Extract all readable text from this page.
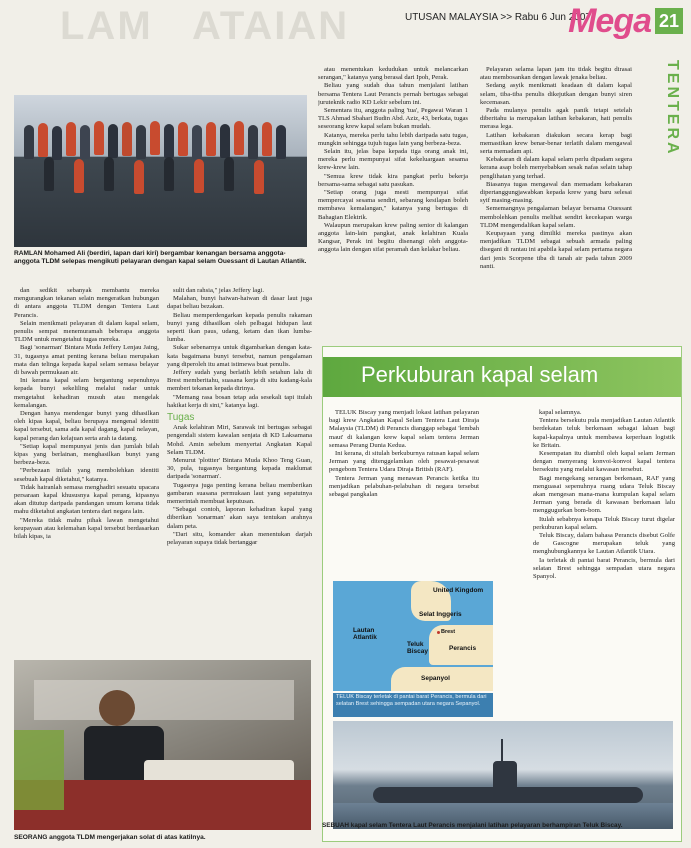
LAM   ATAIAN	UTUSAN MALAYSIA >> Rabu 6 Jun 2007
Mega 21
TENTERA
RAMLAN Mohamed Ali (berdiri, lapan dari kiri) bergambar kenangan bersama anggota-anggota TLDM selepas mengikuti pelayaran dengan kapal selam Ouessant di Lautan Atlantik.

dan sedikit sebanyak membantu mereka mengurangkan tekanan selain mengeratkan hubungan di antara anggota TLDM dengan Tentera Laut Perancis.

Selain menikmati pelayaran di dalam kapal selam, penulis sempat menemuramah beberapa anggota TLDM untuk mengetahui tugas mereka.

Bagi 'sonarman' Bintara Muda Jeffery Lenjau Jaing, 31, tugasnya amat penting kerana beliau merupakan mata dan telinga kepada kapal selam semasa belayar di bawah permukaan air.

Ini kerana kapal selam bergantung sepenuhnya kepada bunyi sekeliling melalui radar untuk mengetahui kehadiran musuh atau mengelak kemalangan.

Dengan hanya mendengar bunyi yang dihasilkan oleh kipas kapal, beliau berupaya mengenal identiti kapal tersebut, sama ada kapal dagang, kapal nelayan, kapal perang dan kelajuan serta arah ia datang.

"Setiap kapal mempunyai jenis dan jumlah bilah kipas yang berlainan, menghasilkan bunyi yang berbeza-beza.

"Perbezaan inilah yang membolehkan identiti sesebuah kapal diketahui," katanya.

Tidak hairanlah semasa menghadiri sesuatu upacara persaraan kapal khususnya kapal perang, kipasnya akan ditutup daripada pandangan umum kerana tidak mahu diketahui angkatan tentera dari negara lain.

"Mereka tidak mahu pihak lawan mengetahui keupayaan atau kelemahan kapal tersebut berdasarkan bilah kipas, ia

sulit dan rahsia," jelas Jeffery lagi.

Malahan, bunyi haiwan-haiwan di dasar laut juga dapat beliau bezakan.

Beliau memperdengarkan kepada penulis rakaman bunyi yang dihasilkan oleh pelbagai hidupan laut seperti ikan paus, udang, ketam dan ikan lumba-lumba.

Sukar sebenarnya untuk digambarkan dengan kata-kata bagaimana bunyi tersebut, namun pengalaman yang diperoleh itu amat istimewa buat penulis.

Jeffery sudah yang berlatih lebih setahun lalu di Brest memberitahu, suasana kerja di situ kadang-kala memberi tekanan kepada dirinya.

"Memang rasa bosan tetap ada sesekali tapi itulah hakikat kerja di sini," katanya lagi.

Tugas

Anak kelahiran Miri, Sarawak ini bertugas sebagai pengendali sistem kawalan senjata di KD Laksamana Mohd. Amin sebelum menyertai Angkatan Kapal Selam TLDM.

Menurut 'plottter' Bintara Muda Khoo Teng Guan, 30, pula, tugasnya bergantung kepada maklumat daripada 'sonarman'.

Tugasnya juga penting kerana beliau memberikan gambaran suasana permukaan laut yang sepatutnya memerintah membuat keputusan.

"Sebagai contoh, laporan kehadiran kapal yang diberikan 'sonarman' akan saya tentukan arahnya dalam peta.

"Dari situ, komander akan menentukan darjah pelayaran supaya tidak bertanggar

atau menentukan kedudukan untuk melancarkan serangan," katanya yang berasal dari Ipoh, Perak.

Beliau yang sudah dua tahun menjalani latihan bersama Tentera Laut Perancis pernah bertugas sebagai juruteknik radio KD Lekir sebelum ini.

Sementara itu, anggota paling 'tua', Pegawai Waran 1 TLS Ahmad Sbahari Budin Abd. Aziz, 43, berkata, tugas seseorang krew kapal selam bukan mudah.

Katanya, mereka perlu tahu lebih daripada satu tugas, mungkin sehingga tujuh tugas lain yang berbeza-beza.

Selain itu, jelas bapa kepada tiga orang anak ini, mereka perlu mempunyai sifat kekeluargaan sesama krew-krew lain.

"Semua krew tidak kira pangkat perlu bekerja bersama-sama sebagai satu pasukan.

"Setiap orang juga mesti mempunyai sifat mempercayai sesama sendiri, sebarang kesilapan boleh membawa kemalangan," katanya yang bertugas di Bahagian Elektrik.

Walaupun merupakan krew paling senior di kalangan anggota lain-lain pangkat, anak kelahiran Kuala Kangsar, Perak ini begitu disenangi oleh anggota-anggota lain dengan sifat peramah dan kelakar beliau.

Pelayaran selama lapan jam itu tidak begitu dirasai atau membosankan dengan lawak jenaka beliau.

Sedang asyik menikmati keadaan di dalam kapal selam, tiba-tiba penulis dikejutkan dengan bunyi siren kecemasan.

Pada mulanya penulis agak panik tetapi setelah diberitahu ia merupakan latihan kebakaran, hati penulis merasa lega.

Latihan kebakaran diakukan secara kerap bagi memastikan krew benar-benar terlatih dalam mengawal serta memadam api.

Kebakaran di dalam kapal selam perlu dipadam segera kerana asap boleh menyebabkan sesak nafas selain tahap penglihatan yang terhad.

Biasanya tugas mengawal dan memadam kebakaran dipertanggungjawabkan kepada krew yang baru selesai syif masing-masing.

Sememangnya pengalaman belayar bersama Ouessant membolehkan penulis melihat sendiri kecekapan warga TLDM mengendalikan kapal selam.

Keupayaan yang dimiliki mereka pastinya akan menjadikan TLDM sebagai sebuah armada paling disegani di rantau ini apabila kapal selam pertama negara dari jenis Scorpene tiba di tanah air pada tahun 2009 nanti.

SEORANG anggota TLDM mengerjakan solat di atas katilnya.
Perkuburan kapal selam

TELUK Biscay yang menjadi lokasi latihan pelayaran bagi krew Angkatan Kapal Selam Tentera Laut Diraja Malaysia (TLDM) di Perancis dianggap sebagai 'lembah maut' di kalangan krew kapal selam tentera Jerman semasa Perang Dunia Kedua.

Ini kerana, di situlah berkuburnya ratusan kapal selam Jerman yang ditenggelamkan oleh pesawat-pesawat pengebom Tentera Udara Diraja British (RAF).

Tentera Jerman yang menawan Perancis ketika itu menjadikan pelabuhan-pelabuhan di negara tersebut sebagai pangkalan

kapal selamnya.

Tentera bersekutu pula menjadikan Lautan Atlantik berdekatan teluk berkenaan sebagai laluan bagi kapal-kapalnya untuk membawa keperluan logistik ke Britain.

Kesempatan itu diambil oleh kapal selam Jerman dengan menyerang konvoi-konvoi kapal tentera bersekutu yang melalui kawasan tersebut.

Bagi mengekang serangan berkenaan, RAF yang menguasai sepenuhnya ruang udara Teluk Biscay akan mengesan mana-mana kumpulan kapal selam Jerman yang berada di kawasan berkenaan lalu menggugurkan bom-bom.

Itulah sebabnya kenapa Teluk Biscay turut digelar perkuburan kapal selam.

Teluk Biscay, dalam bahasa Perancis disebut Golfe de Gascogne merupakan teluk yang menghubungkannya ke Lautan Atlantik Utara.

Ia terletak di pantai barat Perancis, bermula dari selatan Brest sehingga sempadan utara negara Spanyol.

United Kingdom
Selat Inggeris
Brest
Lautan Atlantik
Teluk Biscay	Perancis
Sepanyol
TELUK Biscay terletak di pantai barat Perancis, bermula dari selatan Brest sehingga sempadan utara negara Sepanyol.
SEBUAH kapal selam Tentera Laut Perancis menjalani latihan pelayaran berhampiran Teluk Biscay.
